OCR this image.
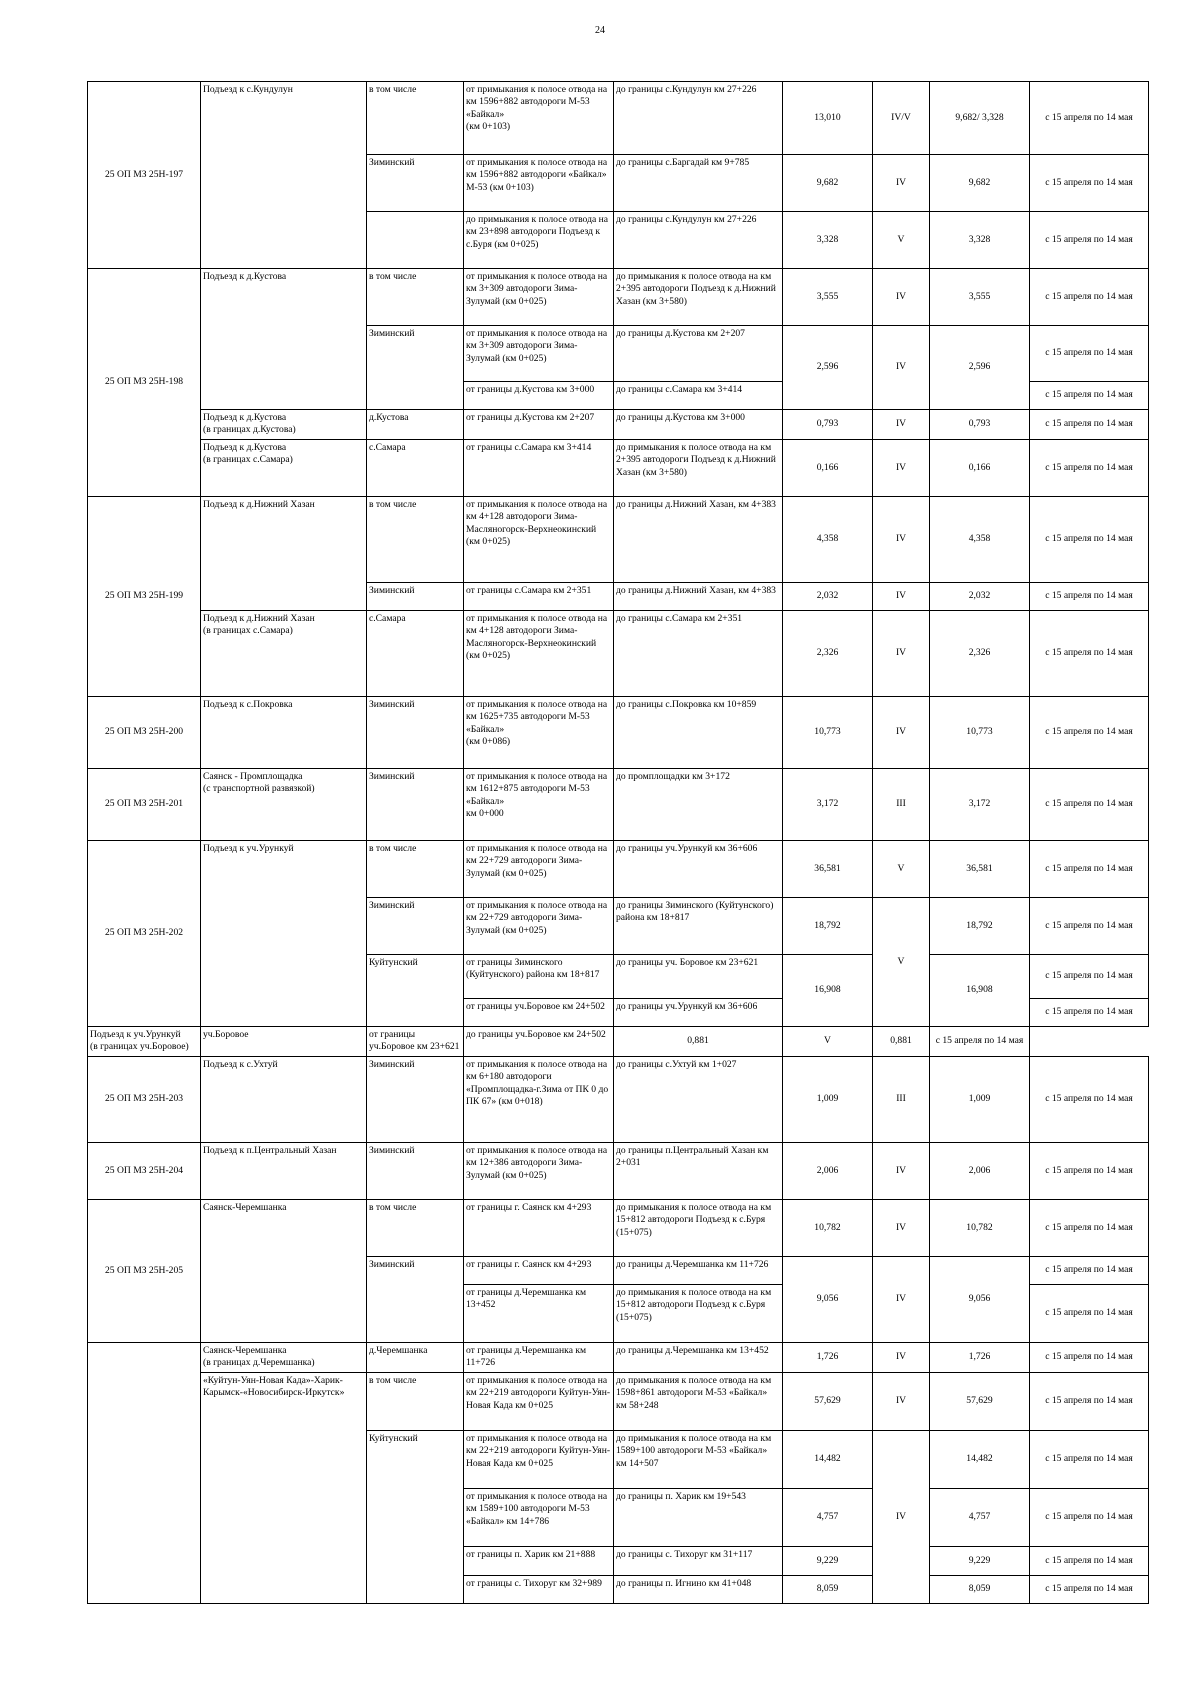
24
25 ОП МЗ 25Н-197	Подъезд к с.Кундулун	в том числе	от примыкания к полосе отвода на
км 1596+882 автодороги М-53 «Байкал»
(км 0+103)	до границы с.Кундулун км 27+226	13,010	IV/V	9,682/ 3,328	с 15 апреля по 14 мая
		Зиминский	от примыкания к полосе отвода на км 1596+882 автодороги «Байкал» М-53 (км 0+103)	до границы с.Баргадай км 9+785	9,682	IV	9,682	с 15 апреля по 14 мая
			до примыкания к полосе отвода на км 23+898 автодороги Подъезд к с.Буря (км 0+025)	до границы с.Кундулун км 27+226	3,328	V	3,328	с 15 апреля по 14 мая
25 ОП МЗ 25Н-198	Подъезд к д.Кустова	в том числе	от примыкания к полосе отвода на км 3+309 автодороги Зима-Зулумай (км 0+025)	до примыкания к полосе отвода на км 2+395 автодороги Подъезд к д.Нижний Хазан (км 3+580)	3,555	IV	3,555	с 15 апреля по 14 мая
		Зиминский	от примыкания к полосе отвода на км 3+309 автодороги Зима-Зулумай (км 0+025)	до границы д.Кустова км 2+207	2,596	IV	2,596	с 15 апреля по 14 мая
			от границы д.Кустова км 3+000	до границы с.Самара км 3+414				с 15 апреля по 14 мая
	Подъезд к д.Кустова
(в границах д.Кустова)	д.Кустова	от границы д.Кустова км 2+207	до границы д.Кустова км 3+000	0,793	IV	0,793	с 15 апреля по 14 мая
	Подъезд к д.Кустова
(в границах с.Самара)	с.Самара	от границы с.Самара км 3+414	до примыкания к полосе отвода на км 2+395 автодороги Подъезд к д.Нижний Хазан (км 3+580)	0,166	IV	0,166	с 15 апреля по 14 мая
25 ОП МЗ 25Н-199	Подъезд к д.Нижний Хазан	в том числе	от примыкания к полосе отвода на км 4+128 автодороги Зима-Масляногорск-Верхнеокинский (км 0+025)	до границы д.Нижний Хазан, км 4+383	4,358	IV	4,358	с 15 апреля по 14 мая
		Зиминский	от границы с.Самара км 2+351	до границы д.Нижний Хазан, км 4+383	2,032	IV	2,032	с 15 апреля по 14 мая
	Подъезд к д.Нижний Хазан
(в границах с.Самара)	с.Самара	от примыкания к полосе отвода на км 4+128 автодороги Зима-Масляногорск-Верхнеокинский (км 0+025)	до границы с.Самара км 2+351	2,326	IV	2,326	с 15 апреля по 14 мая
25 ОП МЗ 25Н-200	Подъезд к с.Покровка	Зиминский	от примыкания к полосе отвода на
км 1625+735 автодороги М-53 «Байкал»
(км 0+086)	до границы с.Покровка км 10+859	10,773	IV	10,773	с 15 апреля по 14 мая
25 ОП МЗ 25Н-201	Саянск - Промплощадка
(с транспортной развязкой)	Зиминский	от примыкания к полосе отвода на
км 1612+875 автодороги М-53 «Байкал»
км 0+000	до промплощадки км 3+172	3,172	III	3,172	с 15 апреля по 14 мая
25 ОП МЗ 25Н-202	Подъезд к уч.Урункуй	в том числе	от примыкания к полосе отвода на км 22+729 автодороги Зима-Зулумай (км 0+025)	до границы уч.Урункуй км 36+606	36,581	V	36,581	с 15 апреля по 14 мая
		Зиминский	от примыкания к полосе отвода на км 22+729 автодороги Зима-Зулумай (км 0+025)	до границы Зиминского (Куйтунского) района км 18+817	18,792	V	18,792	с 15 апреля по 14 мая
		Куйтунский	от границы Зиминского (Куйтунского) района км 18+817	до границы уч. Боровое км 23+621	16,908		16,908	с 15 апреля по 14 мая
			от границы уч.Боровое км 24+502	до границы уч.Урункуй км 36+606				с 15 апреля по 14 мая
Подъезд к уч.Урункуй
(в границах уч.Боровое)	уч.Боровое	от границы уч.Боровое км 23+621	до границы уч.Боровое км 24+502	0,881	V	0,881	с 15 апреля по 14 мая	
25 ОП МЗ 25Н-203	Подъезд к с.Ухтуй	Зиминский	от примыкания к полосе отвода на км 6+180 автодороги «Промплощадка-г.Зима от ПК 0 до ПК 67» (км 0+018)	до границы с.Ухтуй км 1+027	1,009	III	1,009	с 15 апреля по 14 мая
25 ОП МЗ 25Н-204	Подъезд к п.Центральный Хазан	Зиминский	от примыкания к полосе отвода на км 12+386 автодороги Зима-Зулумай (км 0+025)	до границы п.Центральный Хазан км 2+031	2,006	IV	2,006	с 15 апреля по 14 мая
25 ОП МЗ 25Н-205	Саянск-Черемшанка	в том числе	от границы г. Саянск км 4+293	до примыкания к полосе отвода на км 15+812 автодороги Подъезд к с.Буря (15+075)	10,782	IV	10,782	с 15 апреля по 14 мая
		Зиминский	от границы г. Саянск км 4+293	до границы д.Черемшанка км 11+726	9,056	IV	9,056	с 15 апреля по 14 мая
			от границы д.Черемшанка км 13+452	до примыкания к полосе отвода на км 15+812 автодороги Подъезд к с.Буря (15+075)				с 15 апреля по 14 мая
	Саянск-Черемшанка
(в границах д.Черемшанка)	д.Черемшанка	от границы д.Черемшанка км 11+726	до границы д.Черемшанка км 13+452	1,726	IV	1,726	с 15 апреля по 14 мая
	«Куйтун-Уян-Новая Када»-Харик-Карымск-«Новосибирск-Иркутск»	в том числе	от примыкания к полосе отвода на км 22+219 автодороги Куйтун-Уян-Новая Када км 0+025	до примыкания к полосе отвода на км 1598+861 автодороги М-53 «Байкал» км 58+248	57,629	IV	57,629	с 15 апреля по 14 мая
		Куйтунский	от примыкания к полосе отвода на км 22+219 автодороги Куйтун-Уян-Новая Када км 0+025	до примыкания к полосе отвода на км 1589+100 автодороги М-53 «Байкал» км 14+507	14,482	IV	14,482	с 15 апреля по 14 мая
			от примыкания к полосе отвода на км 1589+100 автодороги М-53 «Байкал» км 14+786	до границы п. Харик км 19+543	4,757		4,757	с 15 апреля по 14 мая
			от границы п. Харик км 21+888	до границы с. Тихоруг км 31+117	9,229		9,229	с 15 апреля по 14 мая
			от границы с. Тихоруг км 32+989	до границы п. Игнино км 41+048	8,059		8,059	с 15 апреля по 14 мая
